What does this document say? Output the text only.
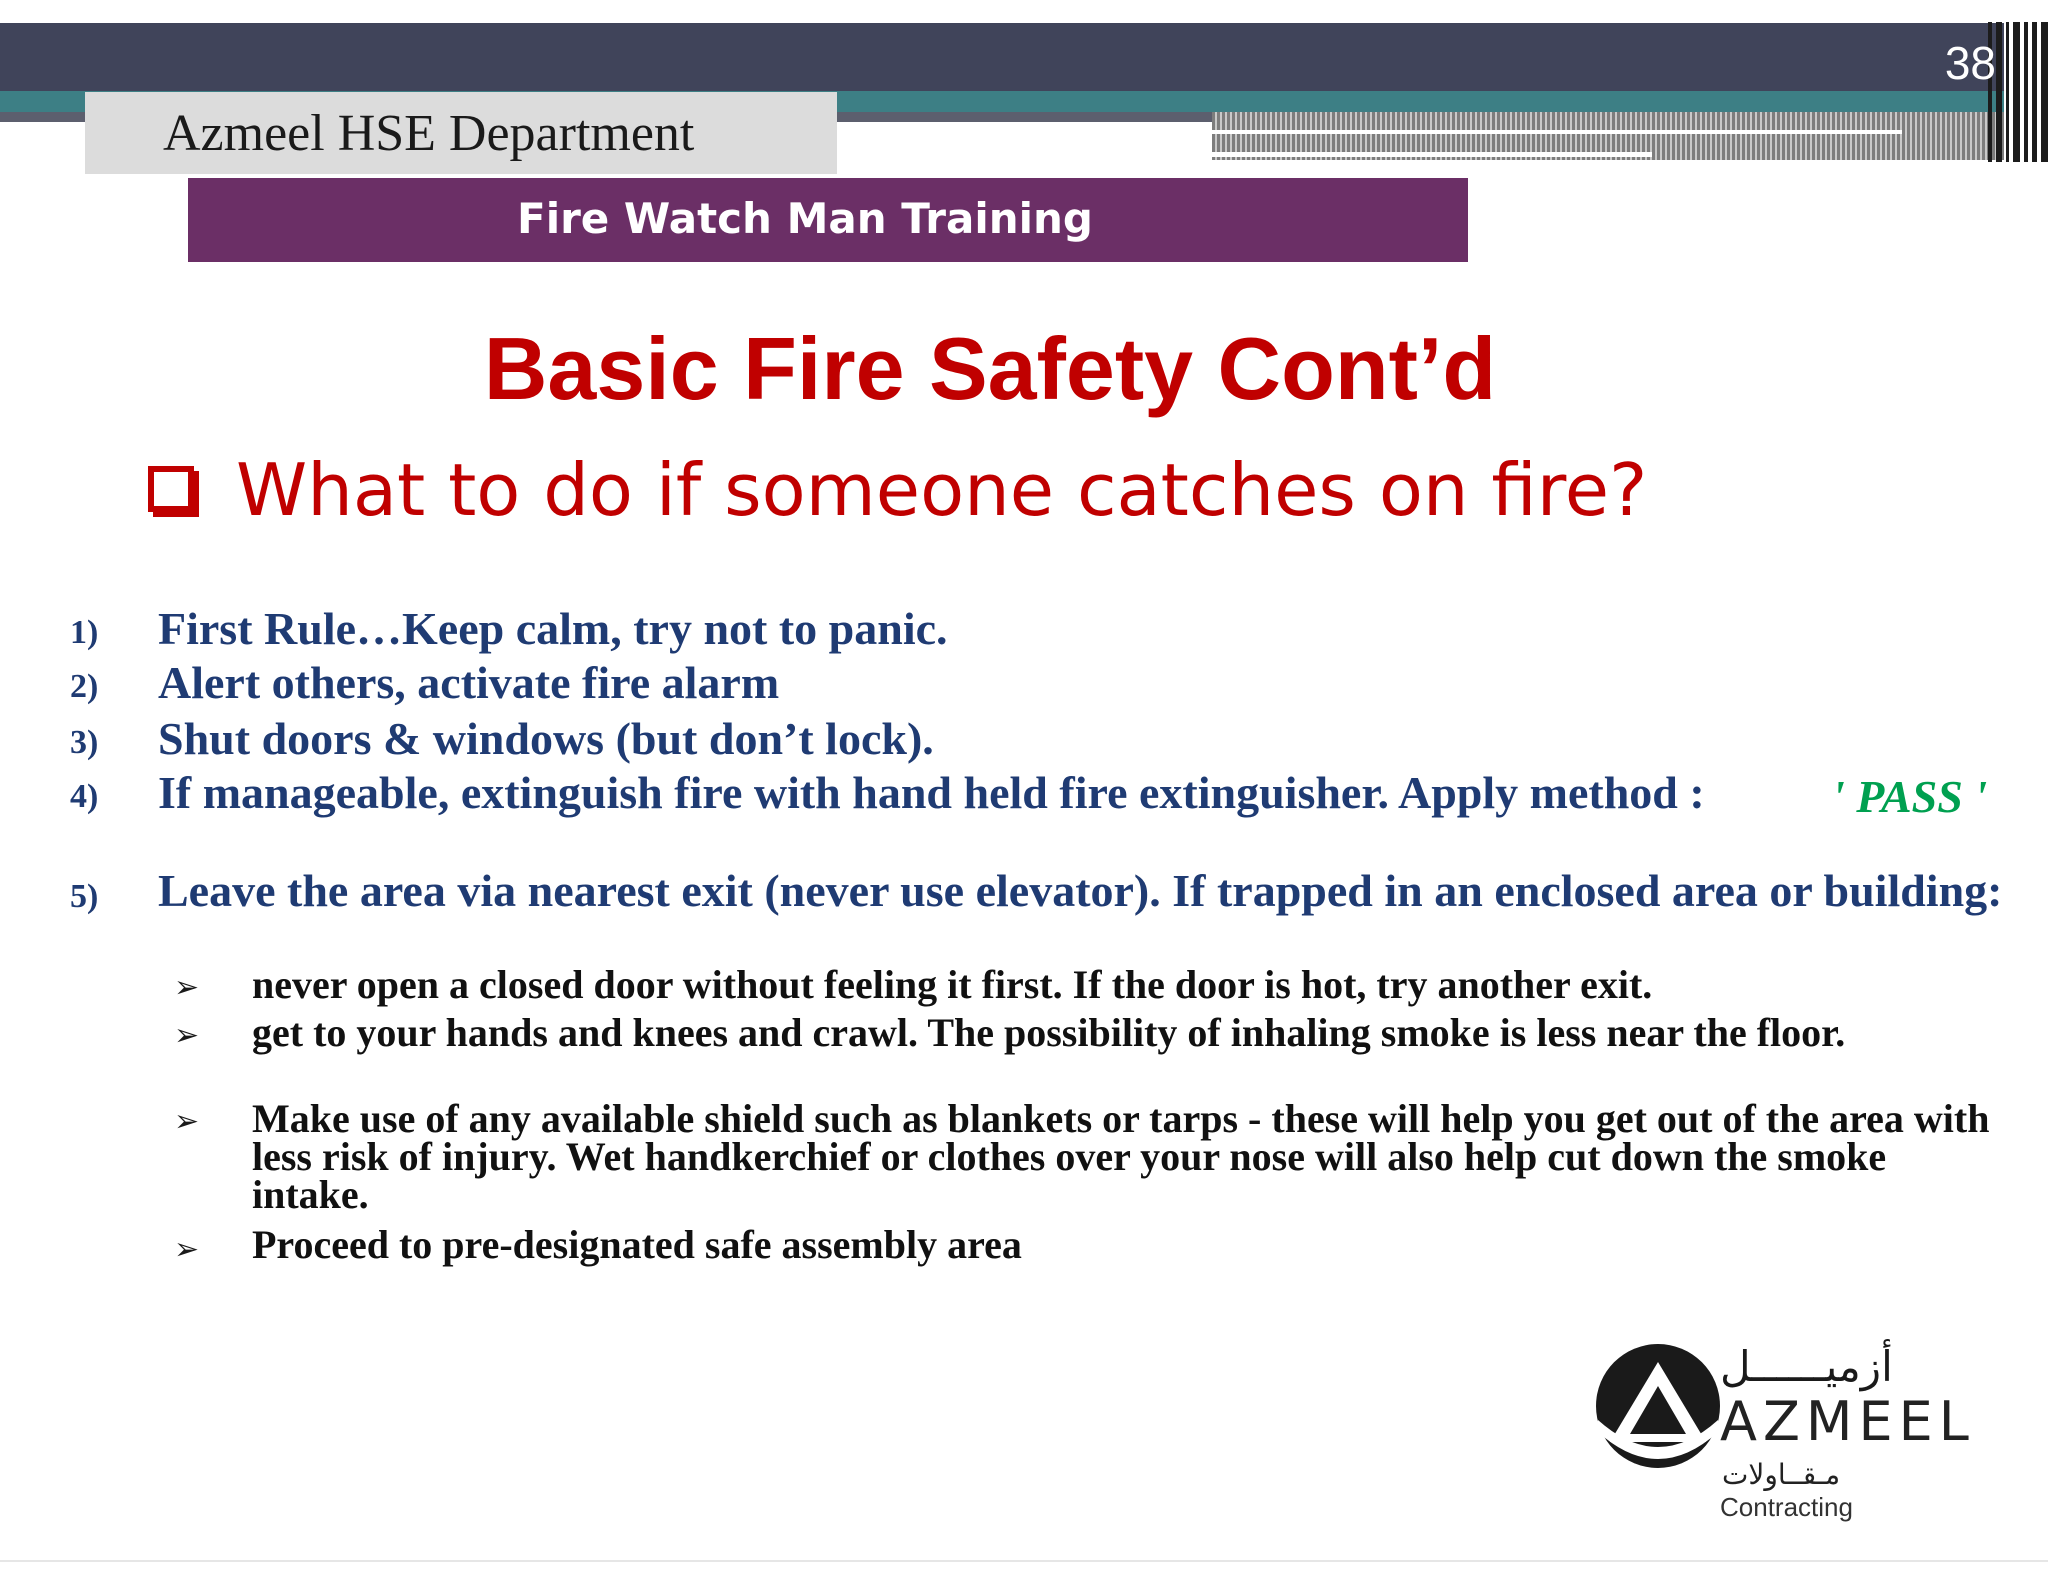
38
Azmeel HSE Department
Fire Watch Man Training
Basic Fire Safety Cont’d
What to do if someone catches on fire?
1) First Rule…Keep calm, try not to panic.
2) Alert others, activate fire alarm
3) Shut doors & windows (but don’t lock).
4) If manageable, extinguish fire with hand held fire extinguisher. Apply method :	' PASS '
5) Leave the area via nearest exit (never use elevator). If trapped in an enclosed area or building:
➢ never open a closed door without feeling it first. If the door is hot, try another exit.
➢ get to your hands and knees and crawl. The possibility of inhaling smoke is less near the floor.
➢ Make use of any available shield such as blankets or tarps - these will help you get out of the area with less risk of injury. Wet handkerchief or clothes over your nose will also help cut down the smoke intake.
➢ Proceed to pre-designated safe assembly area
أزميــــــل
AZMEEL
مـقــاولات
Contracting
